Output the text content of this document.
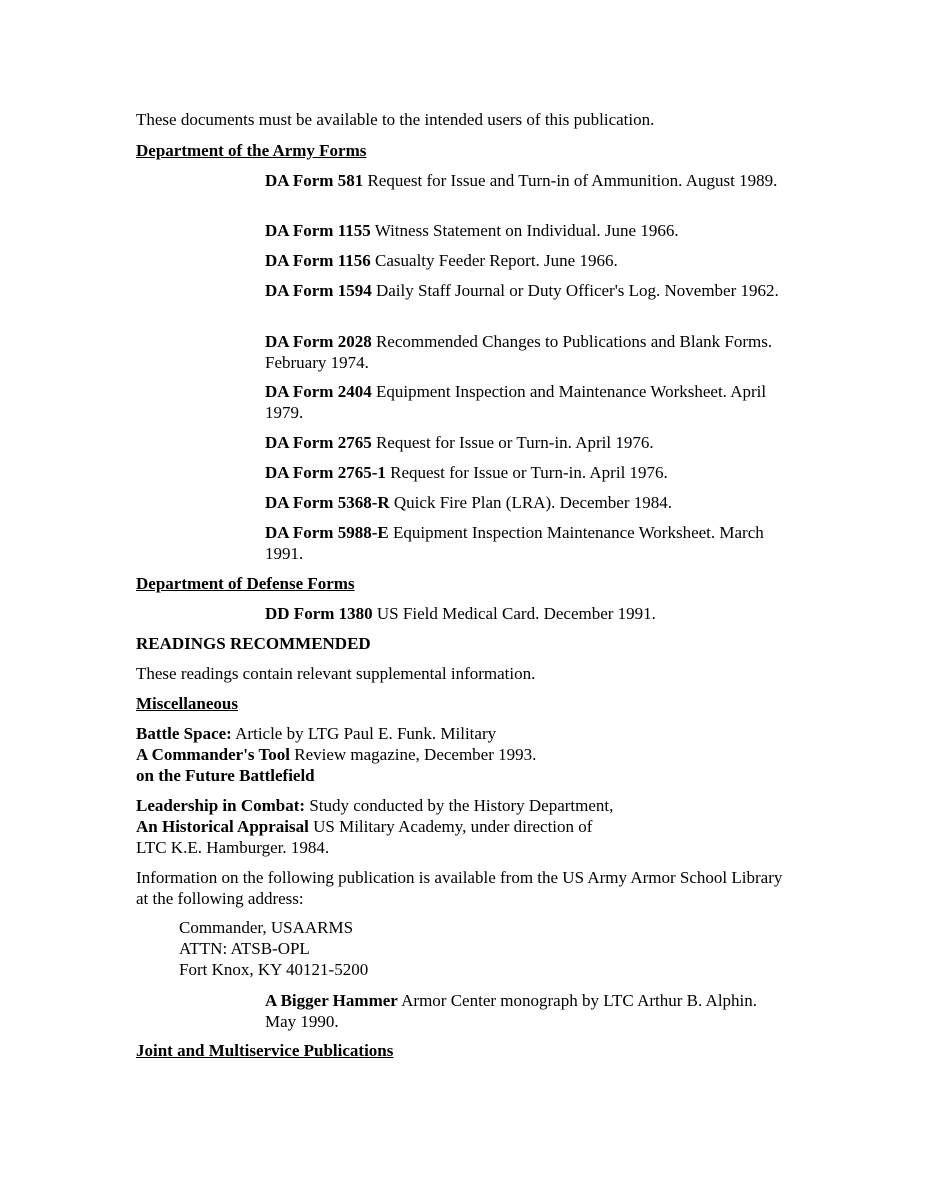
These documents must be available to the intended users of this publication.

Department of the Army Forms

DA Form 581 Request for Issue and Turn-in of Ammunition. August 1989.

DA Form 1155 Witness Statement on Individual. June 1966.

DA Form 1156 Casualty Feeder Report. June 1966.

DA Form 1594 Daily Staff Journal or Duty Officer's Log. November 1962.

DA Form 2028 Recommended Changes to Publications and Blank Forms. February 1974.

DA Form 2404 Equipment Inspection and Maintenance Worksheet. April 1979.

DA Form 2765 Request for Issue or Turn-in. April 1976.

DA Form 2765-1 Request for Issue or Turn-in. April 1976.

DA Form 5368-R Quick Fire Plan (LRA). December 1984.

DA Form 5988-E Equipment Inspection Maintenance Worksheet. March 1991.

Department of Defense Forms

DD Form 1380 US Field Medical Card. December 1991.

READINGS RECOMMENDED

These readings contain relevant supplemental information.

Miscellaneous

Battle Space: Article by LTG Paul E. Funk. Military
A Commander's Tool Review magazine, December 1993.
on the Future Battlefield

Leadership in Combat: Study conducted by the History Department,
An Historical Appraisal US Military Academy, under direction of
LTC K.E. Hamburger. 1984.

Information on the following publication is available from the US Army Armor School Library at the following address:

Commander, USAARMS
ATTN: ATSB-OPL
Fort Knox, KY 40121-5200

A Bigger Hammer Armor Center monograph by LTC Arthur B. Alphin. May 1990.

Joint and Multiservice Publications
